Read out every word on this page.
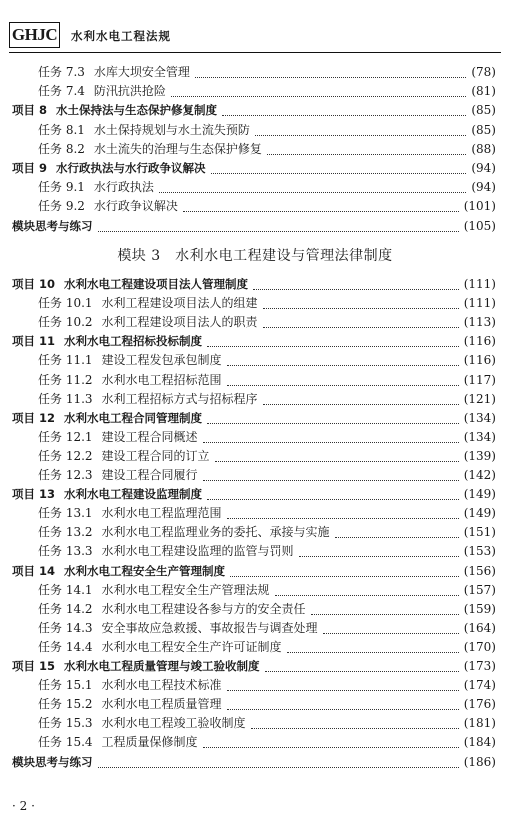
GHJC 水利水电工程法规
任务 7.3 水库大坝安全管理	(78)
任务 7.4 防汛抗洪抢险	(81)
项目 8 水土保持法与生态保护修复制度	(85)
任务 8.1 水土保持规划与水土流失预防	(85)
任务 8.2 水土流失的治理与生态保护修复	(88)
项目 9 水行政执法与水行政争议解决	(94)
任务 9.1 水行政执法	(94)
任务 9.2 水行政争议解决	(101)
模块思考与练习	(105)
模块 3　水利水电工程建设与管理法律制度
项目 10 水利水电工程建设项目法人管理制度	(111)
任务 10.1 水利工程建设项目法人的组建	(111)
任务 10.2 水利工程建设项目法人的职责	(113)
项目 11 水利水电工程招标投标制度	(116)
任务 11.1 建设工程发包承包制度	(116)
任务 11.2 水利水电工程招标范围	(117)
任务 11.3 水利工程招标方式与招标程序	(121)
项目 12 水利水电工程合同管理制度	(134)
任务 12.1 建设工程合同概述	(134)
任务 12.2 建设工程合同的订立	(139)
任务 12.3 建设工程合同履行	(142)
项目 13 水利水电工程建设监理制度	(149)
任务 13.1 水利水电工程监理范围	(149)
任务 13.2 水利水电工程监理业务的委托、承接与实施	(151)
任务 13.3 水利水电工程建设监理的监管与罚则	(153)
项目 14 水利水电工程安全生产管理制度	(156)
任务 14.1 水利水电工程安全生产管理法规	(157)
任务 14.2 水利水电工程建设各参与方的安全责任	(159)
任务 14.3 安全事故应急救援、事故报告与调查处理	(164)
任务 14.4 水利水电工程安全生产许可证制度	(170)
项目 15 水利水电工程质量管理与竣工验收制度	(173)
任务 15.1 水利水电工程技术标准	(174)
任务 15.2 水利水电工程质量管理	(176)
任务 15.3 水利水电工程竣工验收制度	(181)
任务 15.4 工程质量保修制度	(184)
模块思考与练习	(186)
· 2 ·
